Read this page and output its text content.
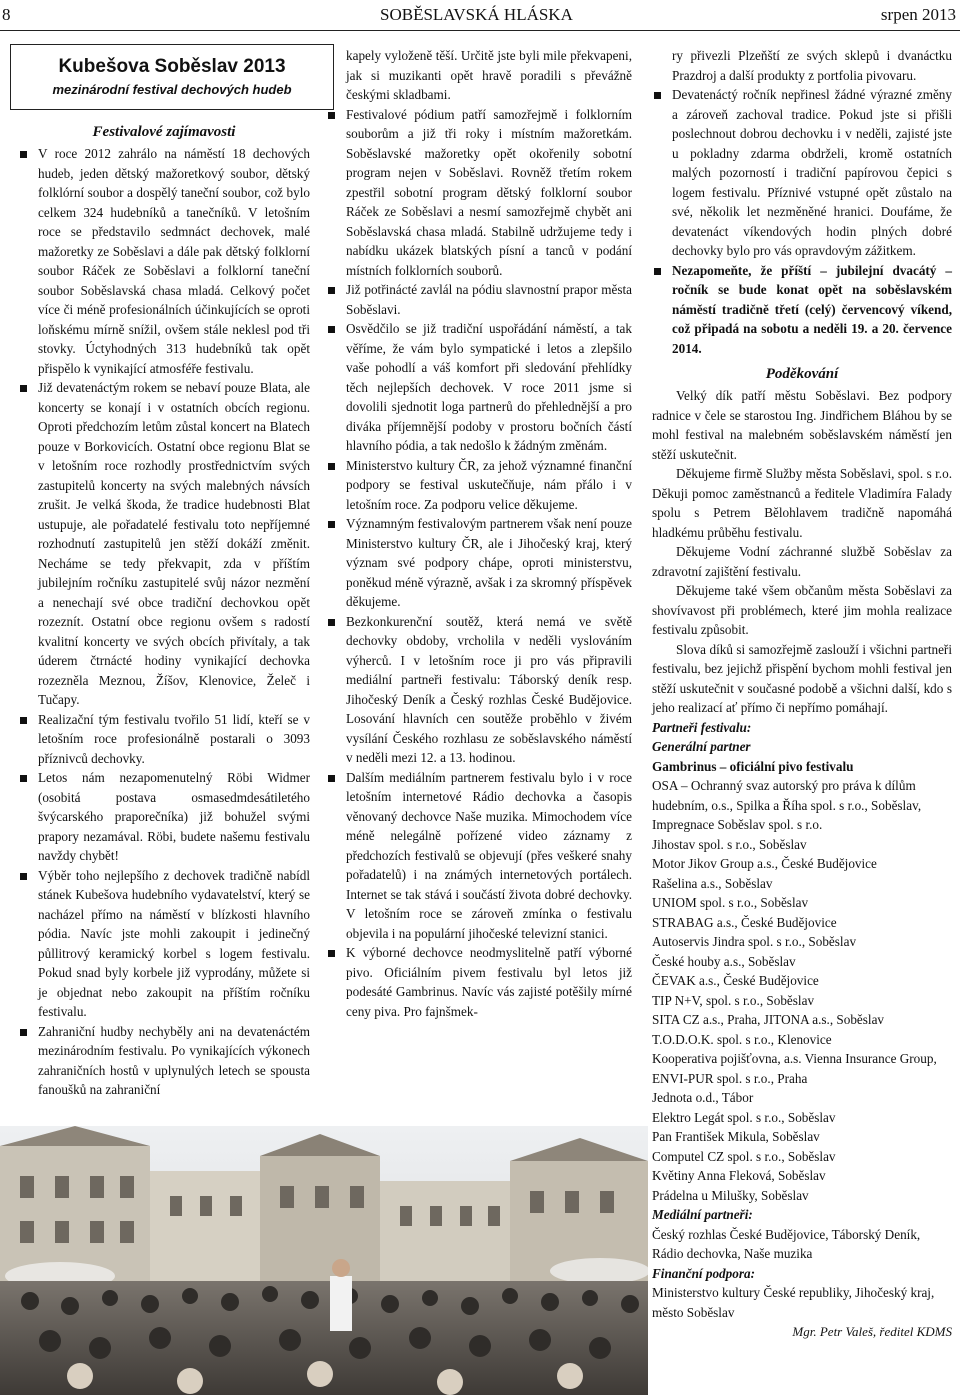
8	SOBĚSLAVSKÁ HLÁSKA	srpen 2013
Kubešova Soběslav 2013
mezinárodní festival dechových hudeb
Festivalové zajímavosti
V roce 2012 zahrálo na náměstí 18 dechových hudeb, jeden dětský mažoretkový soubor, dětský folklórní soubor a dospělý taneční soubor, což bylo celkem 324 hudebníků a tanečníků. V letošním roce se představilo sedmnáct dechovek, malé mažoretky ze Soběslavi a dále pak dětský folklorní soubor Ráček ze Soběslavi a folklorní taneční soubor Soběslavská chasa mladá. Celkový počet více či méně profesionálních účinkujících se oproti loňskému mírně snížil, ovšem stále neklesl pod tři stovky. Úctyhodných 313 hudebníků tak opět přispělo k vynikající atmosféře festivalu.
Již devatenáctým rokem se nebaví pouze Blata, ale koncerty se konají i v ostatních obcích regionu. Oproti předchozím letům zůstal koncert na Blatech pouze v Borkovicích. Ostatní obce regionu Blat se v letošním roce rozhodly prostřednictvím svých zastupitelů koncerty na svých malebných návsích zrušit. Je velká škoda, že tradice hudebnosti Blat ustupuje, ale pořadatelé festivalu toto nepříjemné rozhodnutí zastupitelů jen stěží dokáží změnit. Necháme se tedy překvapit, zda v příštím jubilejním ročníku zastupitelé svůj názor nezmění a nenechají své obce tradiční dechovkou opět rozeznít. Ostatní obce regionu ovšem s radostí kvalitní koncerty ve svých obcích přivítaly, a tak úderem čtrnácté hodiny vynikající dechovka rozezněla Meznou, Žíšov, Klenovice, Želeč i Tučapy.
Realizační tým festivalu tvořilo 51 lidí, kteří se v letošním roce profesionálně postarali o 3093 příznivců dechovky.
Letos nám nezapomenutelný Röbi Widmer (osobitá postava osmasedmdesátiletého švýcarského praporečníka) již bohužel svými prapory nezamával. Röbi, budete našemu festivalu navždy chybět!
Výběr toho nejlepšího z dechovek tradičně nabídl stánek Kubešova hudebního vydavatelství, který se nacházel přímo na náměstí v blízkosti hlavního pódia. Navíc jste mohli zakoupit i jedinečný půllitrový keramický korbel s logem festivalu. Pokud snad byly korbele již vyprodány, můžete si je objednat nebo zakoupit na příštím ročníku festivalu.
Zahraniční hudby nechyběly ani na devatenáctém mezinárodním festivalu. Po vynikajících výkonech zahraničních hostů v uplynulých letech se spousta fanoušků na zahraniční

kapely vyloženě těší. Určitě jste byli mile překvapeni, jak si muzikanti opět hravě poradili s převážně českými skladbami.

Festivalové pódium patří samozřejmě i folklorním souborům a již tři roky i místním mažoretkám. Soběslavské mažoretky opět okořenily sobotní program nejen v Soběslavi. Rovněž třetím rokem zpestřil sobotní program dětský folklorní soubor Ráček ze Soběslavi a nesmí samozřejmě chybět ani Soběslavská chasa mladá. Stabilně udržujeme tedy i nabídku ukázek blatských písní a tanců v podání místních folklorních souborů.
Již potřinácté zavlál na pódiu slavnostní prapor města Soběslavi.
Osvědčilo se již tradiční uspořádání náměstí, a tak věříme, že vám bylo sympatické i letos a zlepšilo vaše pohodlí a váš komfort při sledování přehlídky těch nejlepších dechovek. V roce 2011 jsme si dovolili sjednotit loga partnerů do přehlednější a pro diváka příjemnější podoby v prostoru bočních částí hlavního pódia, a tak nedošlo k žádným změnám.
Ministerstvo kultury ČR, za jehož významné finanční podpory se festival uskutečňuje, nám přálo i v letošním roce. Za podporu velice děkujeme.
Významným festivalovým partnerem však není pouze Ministerstvo kultury ČR, ale i Jihočeský kraj, který význam své podpory chápe, oproti ministerstvu, poněkud méně výrazně, avšak i za skromný příspěvek děkujeme.
Bezkonkurenční soutěž, která nemá ve světě dechovky obdoby, vrcholila v neděli vyslováním výherců. I v letošním roce ji pro vás připravili mediální partneři festivalu: Táborský deník resp. Jihočeský Deník a Český rozhlas České Budějovice. Losování hlavních cen soutěže proběhlo v živém vysílání Českého rozhlasu ze soběslavského náměstí v neděli mezi 12. a 13. hodinou.
Dalším mediálním partnerem festivalu bylo i v roce letošním internetové Rádio dechovka a časopis věnovaný dechovce Naše muzika. Mimochodem více méně nelegálně pořízené video záznamy z předchozích festivalů se objevují (přes veškeré snahy pořadatelů) i na známých internetových portálech. Internet se tak stává i součástí života dobré dechovky. V letošním roce se zároveň zmínka o festivalu objevila i na populární jihočeské televizní stanici.
K výborné dechovce neodmyslitelně patří výborné pivo. Oficiálním pivem festivalu byl letos již podesáté Gambrinus. Navíc vás zajisté potěšily mírné ceny piva. Pro fajnšmek-

ry přivezli Plzeňští ze svých sklepů i dvanáctku Prazdroj a další produkty z portfolia pivovaru.

Devatenáctý ročník nepřinesl žádné výrazné změny a zároveň zachoval tradice. Pokud jste si přišli poslechnout dobrou dechovku i v neděli, zajisté jste u pokladny zdarma obdrželi, kromě ostatních malých pozorností i tradiční papírovou čepici s logem festivalu. Příznivé vstupné opět zůstalo na své, několik let nezměněné hranici. Doufáme, že devatenáct víkendových hodin plných dobré dechovky bylo pro vás opravdovým zážitkem.
Nezapomeňte, že příští – jubilejní dvacátý – ročník se bude konat opět na soběslavském náměstí tradičně třetí (celý) červencový víkend, což připadá na sobotu a neděli 19. a 20. července 2014.
Poděkování

Velký dík patří městu Soběslavi. Bez podpory radnice v čele se starostou Ing. Jindřichem Bláhou by se mohl festival na malebném soběslavském náměstí jen stěží uskutečnit.

Děkujeme firmě Služby města Soběslavi, spol. s r.o. Děkuji pomoc zaměstnanců a ředitele Vladimíra Falady spolu s Petrem Bělohlavem tradičně napomáhá hladkému průběhu festivalu.

Děkujeme Vodní záchranné službě Soběslav za zdravotní zajištění festivalu.

Děkujeme také všem občanům města Soběslavi za shovívavost při problémech, které jim mohla realizace festivalu způsobit.

Slova díků si samozřejmě zaslouží i všichni partneři festivalu, bez jejichž přispění bychom mohli festival jen stěží uskutečnit v současné podobě a všichni další, kdo s jeho realizací ať přímo či nepřímo pomáhají.

Partneři festivalu:

Generální partner

Gambrinus – oficiální pivo festivalu

OSA – Ochranný svaz autorský pro práva k dílům hudebním, o.s., Spilka a Říha spol. s r.o., Soběslav, Impregnace Soběslav spol. s r.o.

Jihostav spol. s r.o., Soběslav

Motor Jikov Group a.s., České Budějovice

Rašelina a.s., Soběslav

UNIOM spol. s r.o., Soběslav

STRABAG a.s., České Budějovice

Autoservis Jindra spol. s r.o., Soběslav

České houby a.s., Soběslav

ČEVAK a.s., České Budějovice

TIP N+V, spol. s r.o., Soběslav

SITA CZ a.s., Praha, JITONA a.s., Soběslav

T.O.D.O.K. spol. s r.o., Klenovice

Kooperativa pojišťovna, a.s. Vienna Insurance Group, ENVI-PUR spol. s r.o., Praha

Jednota o.d., Tábor

Elektro Legát spol. s r.o., Soběslav

Pan František Mikula, Soběslav

Computel CZ spol. s r.o., Soběslav

Květiny Anna Fleková, Soběslav

Prádelna u Milušky, Soběslav

Mediální partneři:

Český rozhlas České Budějovice, Táborský Deník, Rádio dechovka, Naše muzika

Finanční podpora:

Ministerstvo kultury České republiky, Jihočeský kraj, město Soběslav

Mgr. Petr Valeš, ředitel KDMS
